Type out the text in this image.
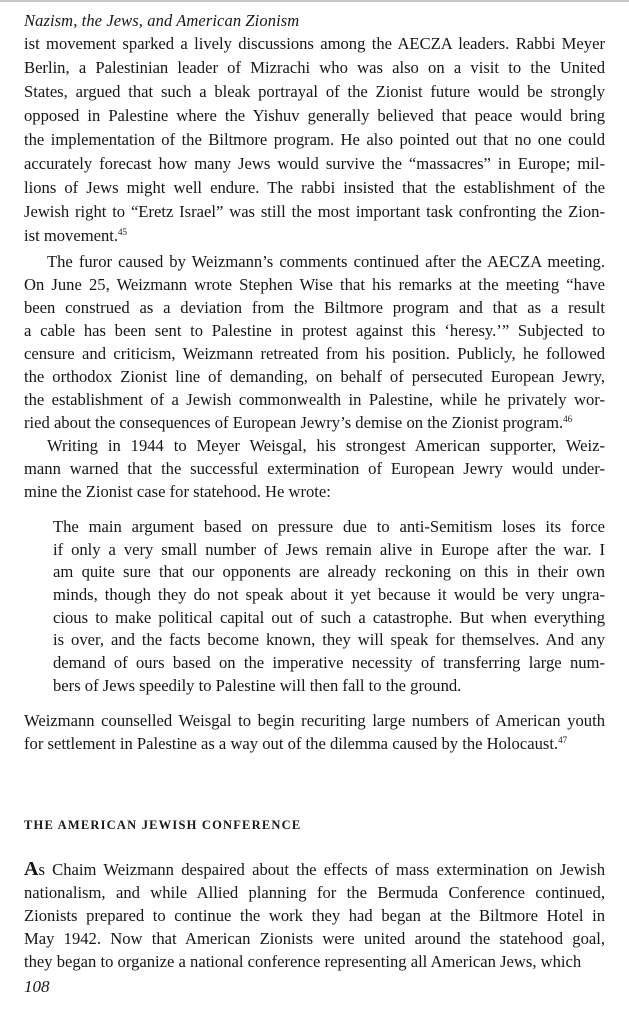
Nazism, the Jews, and American Zionism
ist movement sparked a lively discussions among the AECZA leaders. Rabbi Meyer
Berlin, a Palestinian leader of Mizrachi who was also on a visit to the United
States, argued that such a bleak portrayal of the Zionist future would be strongly
opposed in Palestine where the Yishuv generally believed that peace would bring
the implementation of the Biltmore program. He also pointed out that no one could
accurately forecast how many Jews would survive the “massacres” in Europe; mil-
lions of Jews might well endure. The rabbi insisted that the establishment of the
Jewish right to “Eretz Israel” was still the most important task confronting the Zion-
ist movement.$^{45}$
The furor caused by Weizmann’s comments continued after the AECZA meeting.
On June 25, Weizmann wrote Stephen Wise that his remarks at the meeting “have
been construed as a deviation from the Biltmore program and that as a result
a cable has been sent to Palestine in protest against this ‘heresy.’” Subjected to
censure and criticism, Weizmann retreated from his position. Publicly, he followed
the orthodox Zionist line of demanding, on behalf of persecuted European Jewry,
the establishment of a Jewish commonwealth in Palestine, while he privately wor-
ried about the consequences of European Jewry’s demise on the Zionist program.$^{46}$
Writing in 1944 to Meyer Weisgal, his strongest American supporter, Weiz-
mann warned that the successful extermination of European Jewry would under-
mine the Zionist case for statehood. He wrote:
The main argument based on pressure due to anti-Semitism loses its force
if only a very small number of Jews remain alive in Europe after the war. I
am quite sure that our opponents are already reckoning on this in their own
minds, though they do not speak about it yet because it would be very ungra-
cious to make political capital out of such a catastrophe. But when everything
is over, and the facts become known, they will speak for themselves. And any
demand of ours based on the imperative necessity of transferring large num-
bers of Jews speedily to Palestine will then fall to the ground.
Weizmann counselled Weisgal to begin recuriting large numbers of American youth
for settlement in Palestine as a way out of the dilemma caused by the Holocaust.$^{47}$
THE AMERICAN JEWISH CONFERENCE
As Chaim Weizmann despaired about the effects of mass extermination on Jewish
nationalism, and while Allied planning for the Bermuda Conference continued,
Zionists prepared to continue the work they had began at the Biltmore Hotel in
May 1942. Now that American Zionists were united around the statehood goal,
they began to organize a national conference representing all American Jews, which
108
